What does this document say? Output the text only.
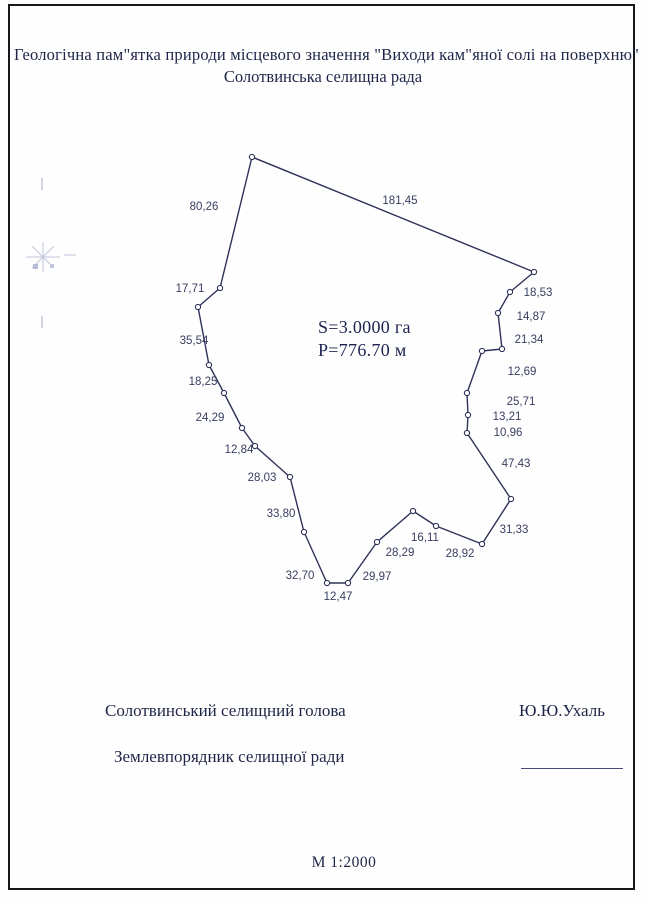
Геологічна пам"ятка природи місцевого значення "Виходи кам"яної солі на поверхню"
Солотвинська селищна рада
80,26	181,45
17,71	18,53
14,87
21,34
35,54
12,69
18,25
25,71
24,29	13,21
10,96
12,84
47,43
28,03
33,80
31,33
16,11
28,29	28,92
32,70	29,97
12,47
S=3.0000 га
Р=776.70 м
Солотвинський селищний голова	Ю.Ю.Ухаль
Землевпорядник селищної ради
М 1:2000
